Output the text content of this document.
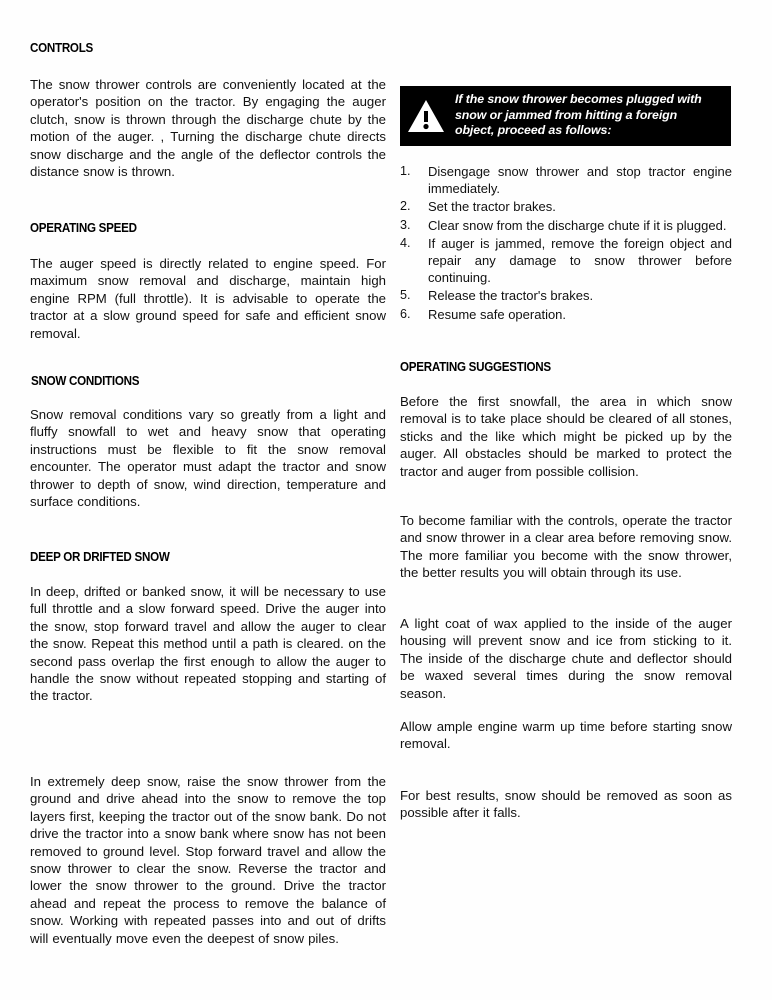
CONTROLS

The snow thrower controls are conveniently located at the operator's position on the tractor. By engaging the auger clutch, snow is thrown through the discharge chute by the motion of the auger. , Turning the discharge chute directs snow discharge and the angle of the deflector controls the distance snow is thrown.

OPERATING SPEED

The auger speed is directly related to engine speed. For maximum snow removal and discharge, maintain high engine RPM (full throttle). It is advisable to operate the tractor at a slow ground speed for safe and efficient snow removal.

SNOW CONDITIONS

Snow removal conditions vary so greatly from a light and fluffy snowfall to wet and heavy snow that operating instructions must be flexible to fit the snow removal encounter. The operator must adapt the tractor and snow thrower to depth of snow, wind direction, temperature and surface conditions.

DEEP OR DRIFTED SNOW

In deep, drifted or banked snow, it will be necessary to use full throttle and a slow forward speed. Drive the auger into the snow, stop forward travel and allow the auger to clear the snow. Repeat this method until a path is cleared. on the second pass overlap the first enough to allow the auger to handle the snow without repeated stopping and starting of the tractor.

In extremely deep snow, raise the snow thrower from the ground and drive ahead into the snow to remove the top layers first, keeping the tractor out of the snow bank. Do not drive the tractor into a snow bank where snow has not been removed to ground level. Stop forward travel and allow the snow thrower to clear the snow. Reverse the tractor and lower the snow thrower to the ground. Drive the tractor ahead and repeat the process to remove the balance of snow. Working with repeated passes into and out of drifts will eventually move even the deepest of snow piles.

If the snow thrower becomes plugged with
snow or jammed from hitting a foreign
object, proceed as follows:
1.	Disengage snow thrower and stop tractor engine immediately.
2.	Set the tractor brakes.
3.	Clear snow from the discharge chute if it is plugged.
4.	If auger is jammed, remove the foreign object and repair any damage to snow thrower before continuing.
5.	Release the tractor's brakes.
6.	Resume safe operation.
OPERATING SUGGESTIONS

Before the first snowfall, the area in which snow removal is to take place should be cleared of all stones, sticks and the like which might be picked up by the auger. All obstacles should be marked to protect the tractor and auger from possible collision.

To become familiar with the controls, operate the tractor and snow thrower in a clear area before removing snow. The more familiar you become with the snow thrower, the better results you will obtain through its use.

A light coat of wax applied to the inside of the auger housing will prevent snow and ice from sticking to it. The inside of the discharge chute and deflector should be waxed several times during the snow removal season.

Allow ample engine warm up time before starting snow removal.

For best results, snow should be removed as soon as possible after it falls.
